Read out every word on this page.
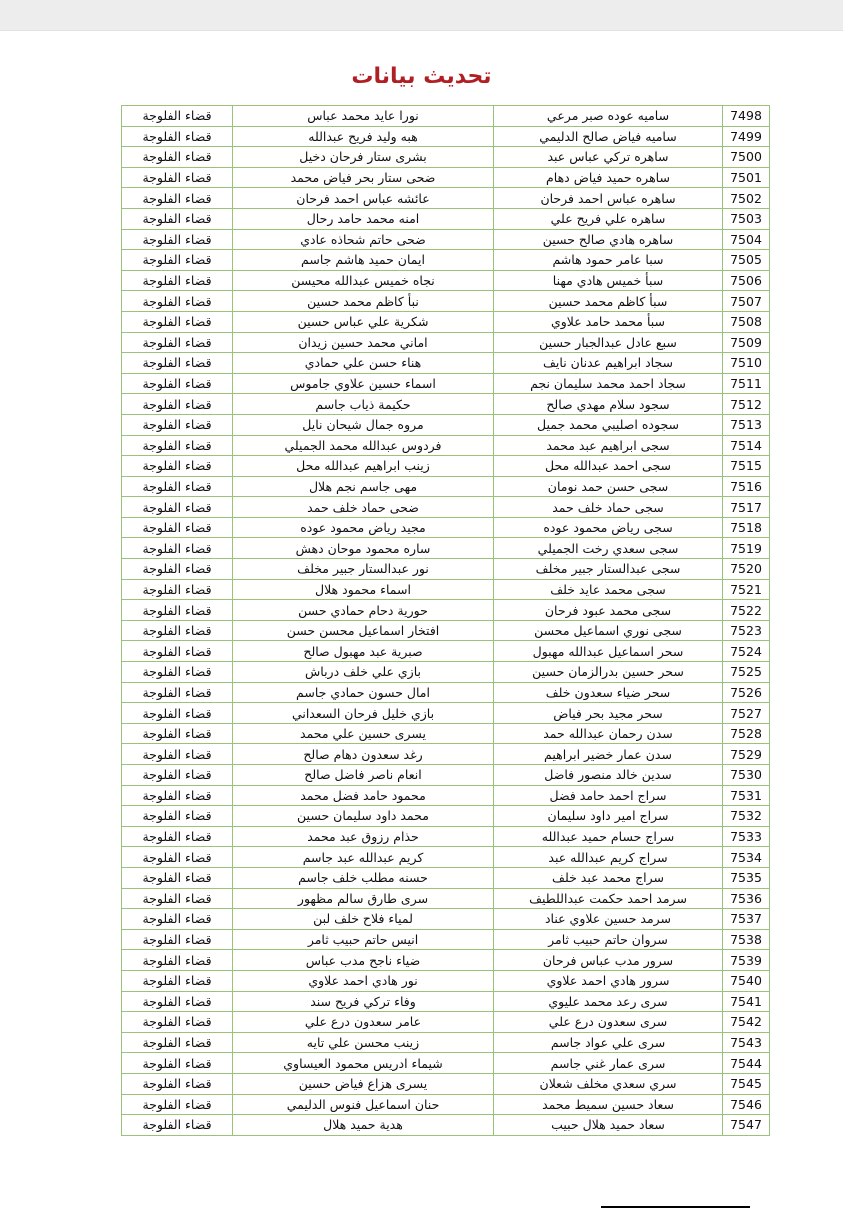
تحديث بيانات
قضاء الفلوجة	نورا عايد محمد عباس	ساميه عوده صبر مرعي	7498
قضاء الفلوجة	هبه وليد فريح عبدالله	ساميه فياض صالح الدليمي	7499
قضاء الفلوجة	بشرى ستار فرحان دخيل	ساهره تركي عباس عبد	7500
قضاء الفلوجة	ضحى ستار بحر فياض محمد	ساهره حميد فياض دهام	7501
قضاء الفلوجة	عائشه عباس احمد فرحان	ساهره عباس احمد فرحان	7502
قضاء الفلوجة	امنه محمد حامد رحال	ساهره علي فريح علي	7503
قضاء الفلوجة	ضحى حاتم شحاذه عادي	ساهره هادي صالح حسين	7504
قضاء الفلوجة	ايمان حميد هاشم جاسم	سبا عامر حمود هاشم	7505
قضاء الفلوجة	نجاه خميس عبدالله محيسن	سبأ خميس هادي مهنا	7506
قضاء الفلوجة	نبأ كاظم محمد حسين	سبأ كاظم محمد حسين	7507
قضاء الفلوجة	شكرية علي عباس حسين	سبأ محمد حامد علاوي	7508
قضاء الفلوجة	اماني محمد حسين زيدان	سبع عادل عبدالجبار حسين	7509
قضاء الفلوجة	هناء حسن علي حمادي	سجاد ابراهيم عدنان نايف	7510
قضاء الفلوجة	اسماء حسين علاوي جاموس	سجاد احمد محمد سليمان نجم	7511
قضاء الفلوجة	حكيمة ذياب جاسم	سجود سلام مهدي صالح	7512
قضاء الفلوجة	مروه جمال شيحان نايل	سجوده اصليبي محمد جميل	7513
قضاء الفلوجة	فردوس عبدالله محمد الجميلي	سجى ابراهيم عبد محمد	7514
قضاء الفلوجة	زينب ابراهيم عبدالله محل	سجى احمد عبدالله محل	7515
قضاء الفلوجة	مهى جاسم نجم هلال	سجى حسن حمد نومان	7516
قضاء الفلوجة	ضحى حماد خلف حمد	سجى حماد خلف حمد	7517
قضاء الفلوجة	مجيد رياض محمود عوده	سجى رياض محمود عوده	7518
قضاء الفلوجة	ساره محمود موحان دهش	سجى سعدي رخت الجميلي	7519
قضاء الفلوجة	نور عبدالستار جبير مخلف	سجى عبدالستار جبير مخلف	7520
قضاء الفلوجة	اسماء محمود هلال	سجى محمد عايد خلف	7521
قضاء الفلوجة	حورية دحام حمادي حسن	سجى محمد عبود فرحان	7522
قضاء الفلوجة	افتخار اسماعيل محسن حسن	سجى نوري اسماعيل محسن	7523
قضاء الفلوجة	صبرية عبد مهبول صالح	سحر اسماعيل عبدالله مهبول	7524
قضاء الفلوجة	بازي علي خلف درباش	سحر حسين بدرالزمان حسين	7525
قضاء الفلوجة	امال حسون حمادي جاسم	سحر ضياء سعدون خلف	7526
قضاء الفلوجة	بازي خليل فرحان السعداني	سحر مجيد بحر فياض	7527
قضاء الفلوجة	يسرى حسين علي محمد	سدن رحمان عبدالله حمد	7528
قضاء الفلوجة	رغد سعدون دهام صالح	سدن عمار خضير ابراهيم	7529
قضاء الفلوجة	انعام ناصر فاضل صالح	سدين خالد منصور فاضل	7530
قضاء الفلوجة	محمود حامد فضل محمد	سراج احمد حامد فضل	7531
قضاء الفلوجة	محمد داود سليمان حسين	سراج امير داود سليمان	7532
قضاء الفلوجة	حذام رزوق عبد محمد	سراج حسام حميد عبدالله	7533
قضاء الفلوجة	كريم عبدالله عبد جاسم	سراج كريم عبدالله عبد	7534
قضاء الفلوجة	حسنه مطلب خلف جاسم	سراج محمد عبد خلف	7535
قضاء الفلوجة	سرى طارق سالم مظهور	سرمد احمد حكمت عبداللطيف	7536
قضاء الفلوجة	لمياء فلاح خلف لبن	سرمد حسين علاوي عناد	7537
قضاء الفلوجة	انيس حاتم حبيب ثامر	سروان حاتم حبيب ثامر	7538
قضاء الفلوجة	ضياء ناجح مدب عباس	سرور مدب عباس فرحان	7539
قضاء الفلوجة	نور هادي احمد علاوي	سرور هادي احمد علاوي	7540
قضاء الفلوجة	وفاء تركي فريح سند	سرى رعد محمد عليوي	7541
قضاء الفلوجة	عامر سعدون درع علي	سرى سعدون درع علي	7542
قضاء الفلوجة	زينب محسن علي تايه	سرى علي عواد جاسم	7543
قضاء الفلوجة	شيماء ادريس محمود العيساوي	سرى عمار غني جاسم	7544
قضاء الفلوجة	يسرى هزاع فياض حسين	سري سعدي مخلف شعلان	7545
قضاء الفلوجة	حنان اسماعيل فنوس الدليمي	سعاد حسين سميط محمد	7546
قضاء الفلوجة	هدية حميد هلال	سعاد حميد هلال حبيب	7547
